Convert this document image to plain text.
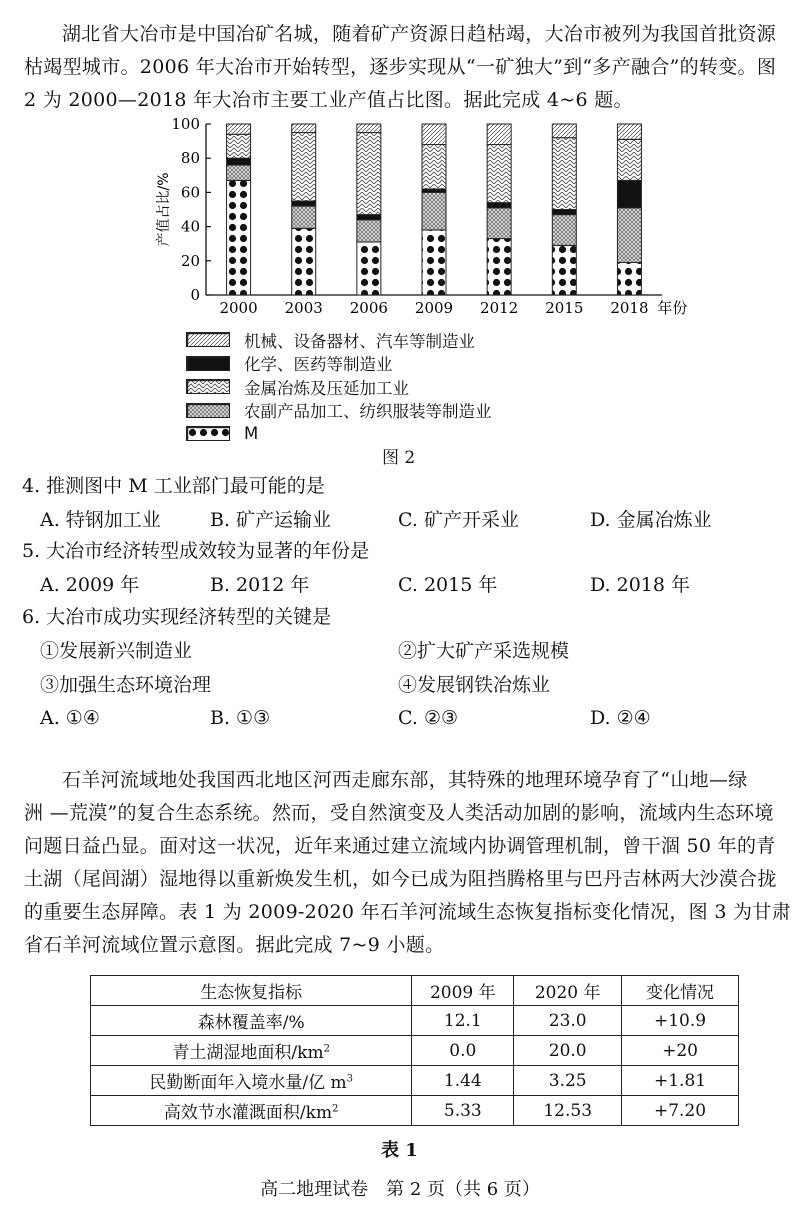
湖北省大冶市是中国冶矿名城，随着矿产资源日趋枯竭，大冶市被列为我国首批资源
枯竭型城市。2006 年大冶市开始转型，逐步实现从“一矿独大”到“多产融合”的转变。图
2 为 2000—2018 年大冶市主要工业产值占比图。据此完成 4~6 题。
0
20
40
60
80
100
产值占比/%
2000 2003 2006 2009 2012 2015 2018 年份
机械、设备器材、汽车等制造业
化学、医药等制造业
金属冶炼及压延加工业
农副产品加工、纺织服装等制造业
M
图 2
4. 推测图中 M 工业部门最可能的是
A. 特钢加工业	B. 矿产运输业	C. 矿产开采业	D. 金属冶炼业
5. 大冶市经济转型成效较为显著的年份是
A. 2009 年	B. 2012 年	C. 2015 年	D. 2018 年
6. 大冶市成功实现经济转型的关键是
①发展新兴制造业	②扩大矿产采选规模
③加强生态环境治理	④发展钢铁冶炼业
A. ①④	B. ①③	C. ②③	D. ②④
石羊河流域地处我国西北地区河西走廊东部，其特殊的地理环境孕育了“山地—绿
洲 —荒漠”的复合生态系统。然而，受自然演变及人类活动加剧的影响，流域内生态环境
问题日益凸显。面对这一状况，近年来通过建立流域内协调管理机制，曾干涸 50 年的青
土湖（尾闾湖）湿地得以重新焕发生机，如今已成为阻挡腾格里与巴丹吉林两大沙漠合拢
的重要生态屏障。表 1 为 2009-2020 年石羊河流域生态恢复指标变化情况，图 3 为甘肃
省石羊河流域位置示意图。据此完成 7~9 小题。
生态恢复指标	2009 年	2020 年	变化情况
森林覆盖率/%	12.1	23.0	+10.9
青土湖湿地面积$/km^2$	0.0	20.0	+20
民勤断面年入境水量/亿 $m^3$	1.44	3.25	+1.81
高效节水灌溉面积$/km^2$	5.33	12.53	+7.20
表 1
高二地理试卷　第 2 页（共 6 页）
